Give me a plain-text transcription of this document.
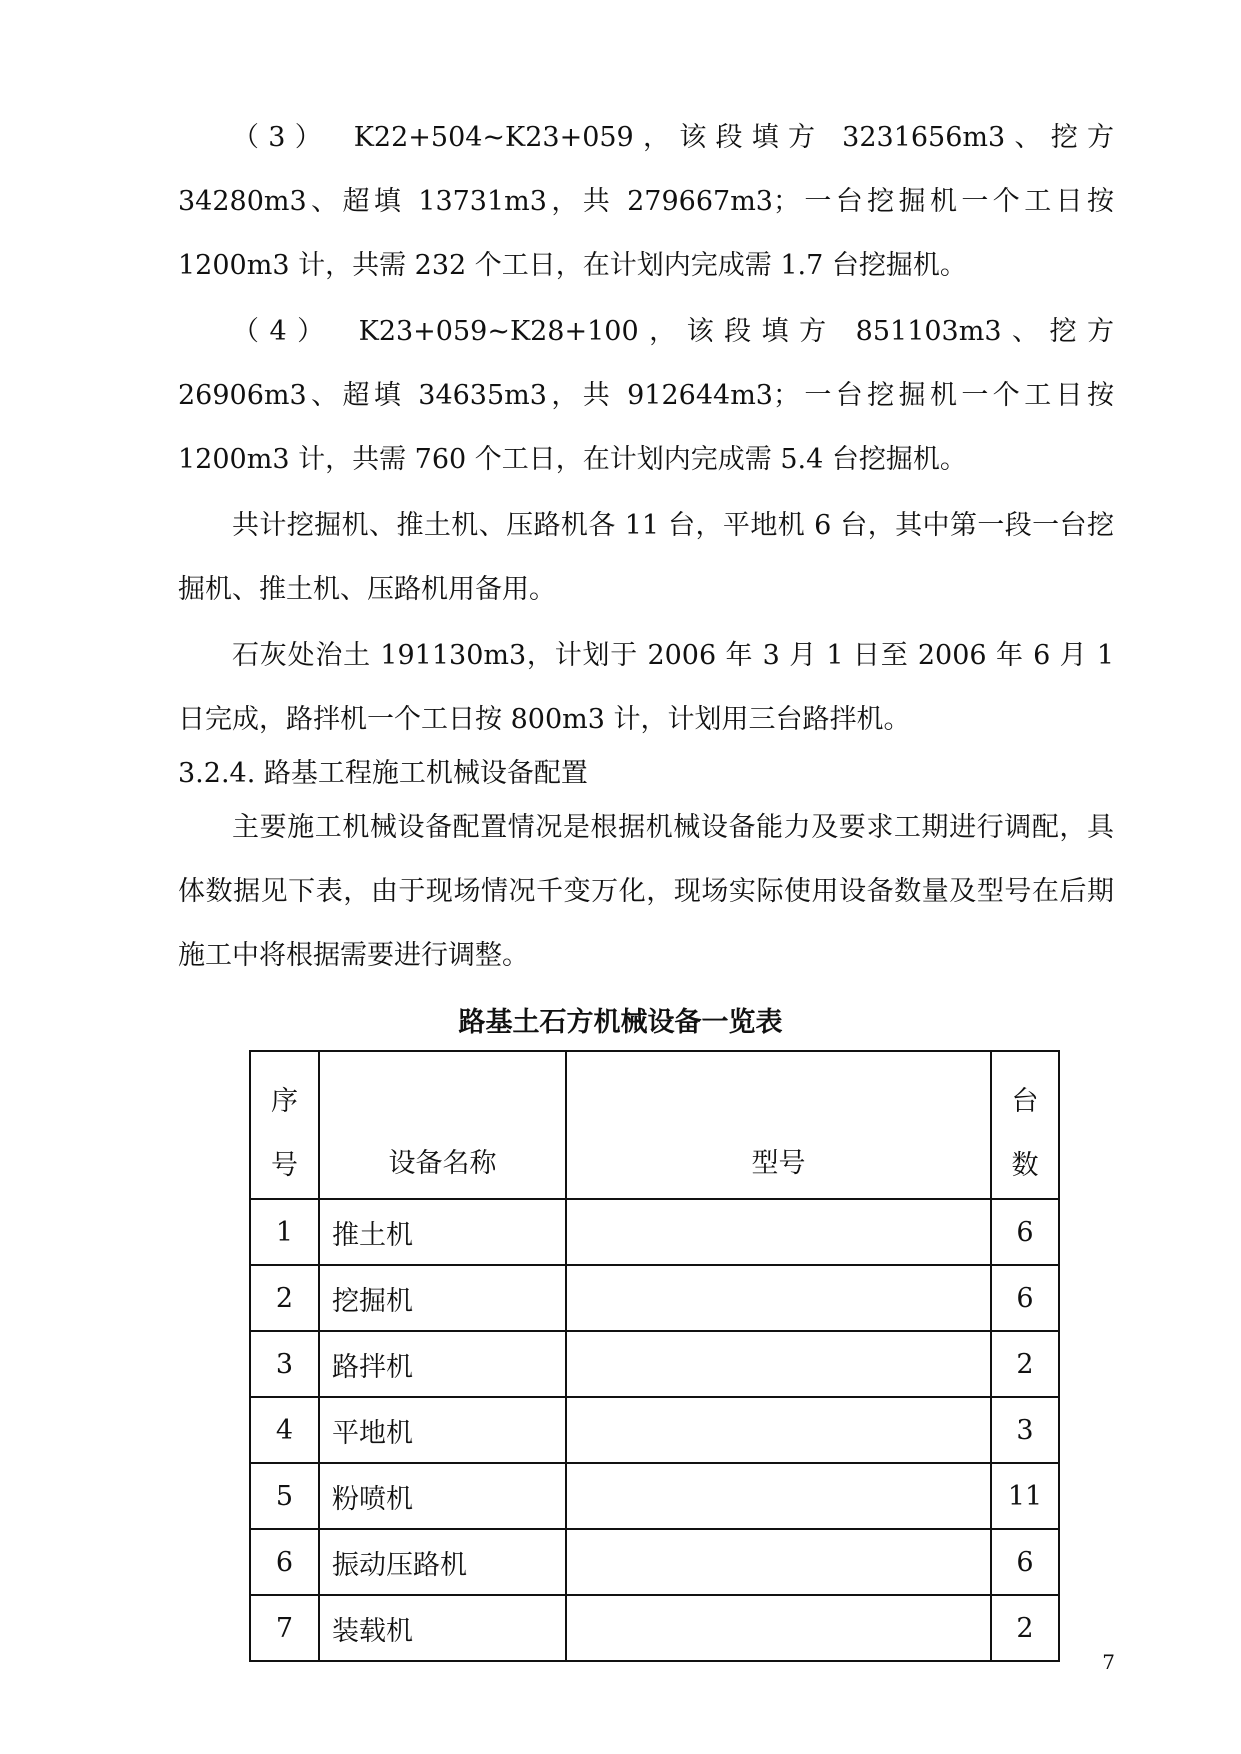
（3）　K22+504~K23+059，该段填方 3231656m3、挖方 34280m3、超填 13731m3，共 279667m3；一台挖掘机一个工日按 1200m3 计，共需 232 个工日，在计划内完成需 1.7 台挖掘机。

（4）　K23+059~K28+100，该段填方 851103m3、挖方 26906m3、超填 34635m3，共 912644m3；一台挖掘机一个工日按 1200m3 计，共需 760 个工日，在计划内完成需 5.4 台挖掘机。

共计挖掘机、推土机、压路机各 11 台，平地机 6 台，其中第一段一台挖掘机、推土机、压路机用备用。

石灰处治土 191130m3，计划于 2006 年 3 月 1 日至 2006 年 6 月 1 日完成，路拌机一个工日按 800m3 计，计划用三台路拌机。

3.2.4. 路基工程施工机械设备配置

主要施工机械设备配置情况是根据机械设备能力及要求工期进行调配，具体数据见下表，由于现场情况千变万化，现场实际使用设备数量及型号在后期施工中将根据需要进行调整。

路基土石方机械设备一览表

序
号	设备名称	型号	台
数

1	推土机		6
2	挖掘机		6
3	路拌机		2
4	平地机		3
5	粉喷机		11
6	振动压路机		6
7	装载机		2

7
